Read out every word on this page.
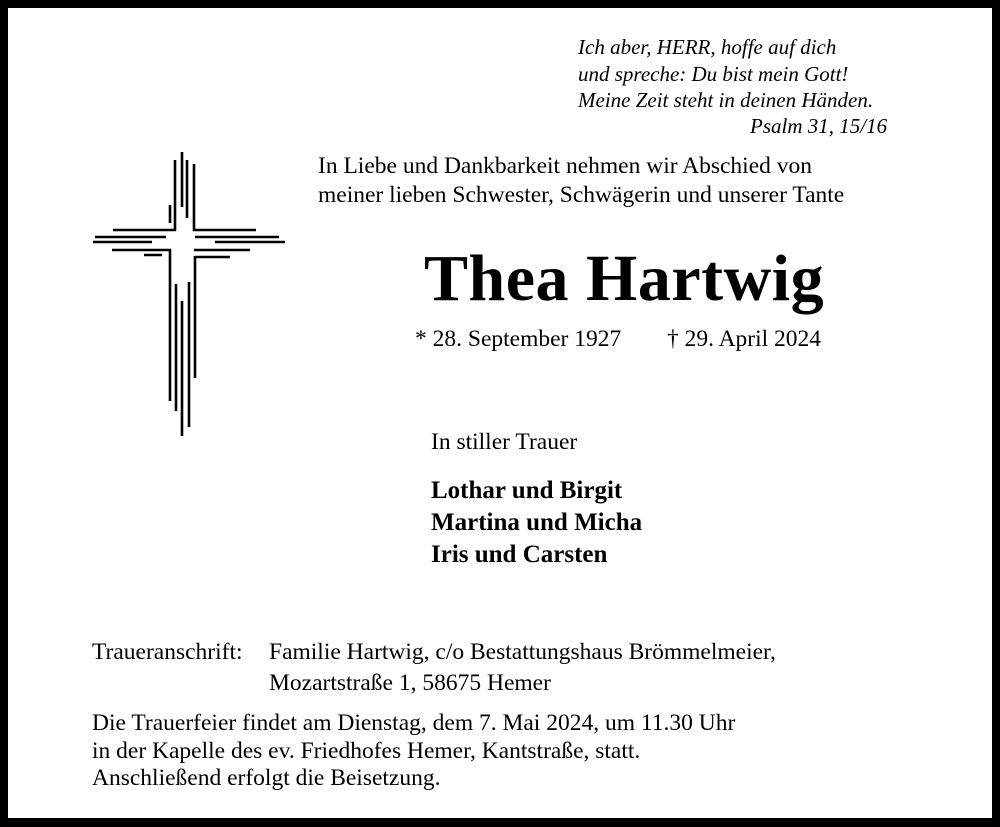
Ich aber, HERR, hoffe auf dich
und spreche: Du bist mein Gott!
Meine Zeit steht in deinen Händen.
Psalm 31, 15/16
In Liebe und Dankbarkeit nehmen wir Abschied von
meiner lieben Schwester, Schwägerin und unserer Tante
Thea Hartwig
* 28. September 1927 † 29. April 2024
In stiller Trauer
Lothar und Birgit
Martina und Micha
Iris und Carsten
Traueranschrift: Familie Hartwig, c/o Bestattungshaus Brömmelmeier,
Mozartstraße 1, 58675 Hemer
Die Trauerfeier findet am Dienstag, dem 7. Mai 2024, um 11.30 Uhr
in der Kapelle des ev. Friedhofes Hemer, Kantstraße, statt.
Anschließend erfolgt die Beisetzung.
